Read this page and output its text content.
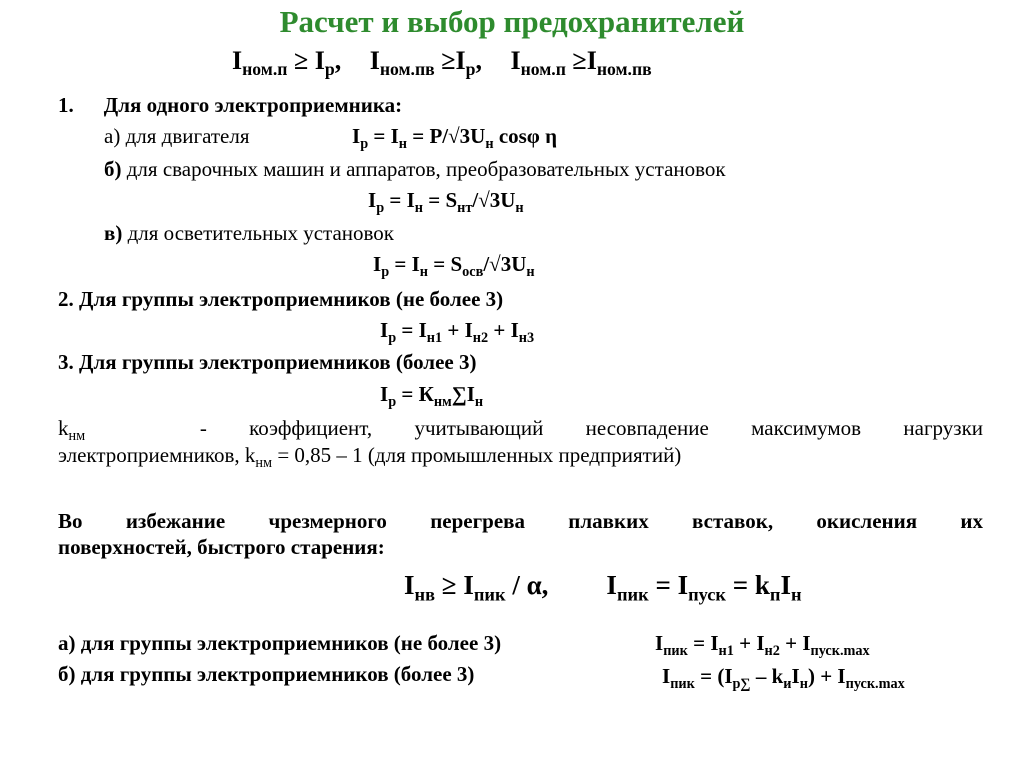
Расчет и выбор предохранителей
$I_{ном.п} \ge I_р$, $I_{ном.пв} \ge I_р$, $I_{ном.п} \ge I_{ном.пв}$
1. Для одного электроприемника:
а) для двигателя	$I_р = I_н = P/√3U_н$ cosφ η
б) для сварочных машин и аппаратов, преобразовательных установок
$I_р = I_н = S_{нт}/√3U_н$
в) для осветительных установок
$I_р = I_н = S_{осв}/√3U_н$
2. Для группы электроприемников (не более 3)
$I_р = I_{н1} + I_{н2} + I_{н3}$
3. Для группы электроприемников (более 3)
$I_р = К_{нм}\sum I_н$
$k_{нм}$	- коэффициент, учитывающий несовпадение максимумов нагрузки
электроприемников, $k_{нм} = 0,85 - 1$ (для промышленных предприятий)
Во избежание чрезмерного перегрева плавких вставок, окисления их
поверхностей, быстрого старения:
$I_{нв} \ge I_{пик} / \alpha$, $I_{пик} = I_{пуск} = k_пI_н$
а) для группы электроприемников (не более 3)	$I_{пик} = I_{н1} + I_{н2} + I_{пуск.max}$
б) для группы электроприемников (более 3)	$I_{пик} = (I_{р\sum} - k_иI_н) + I_{пуск.max}$
